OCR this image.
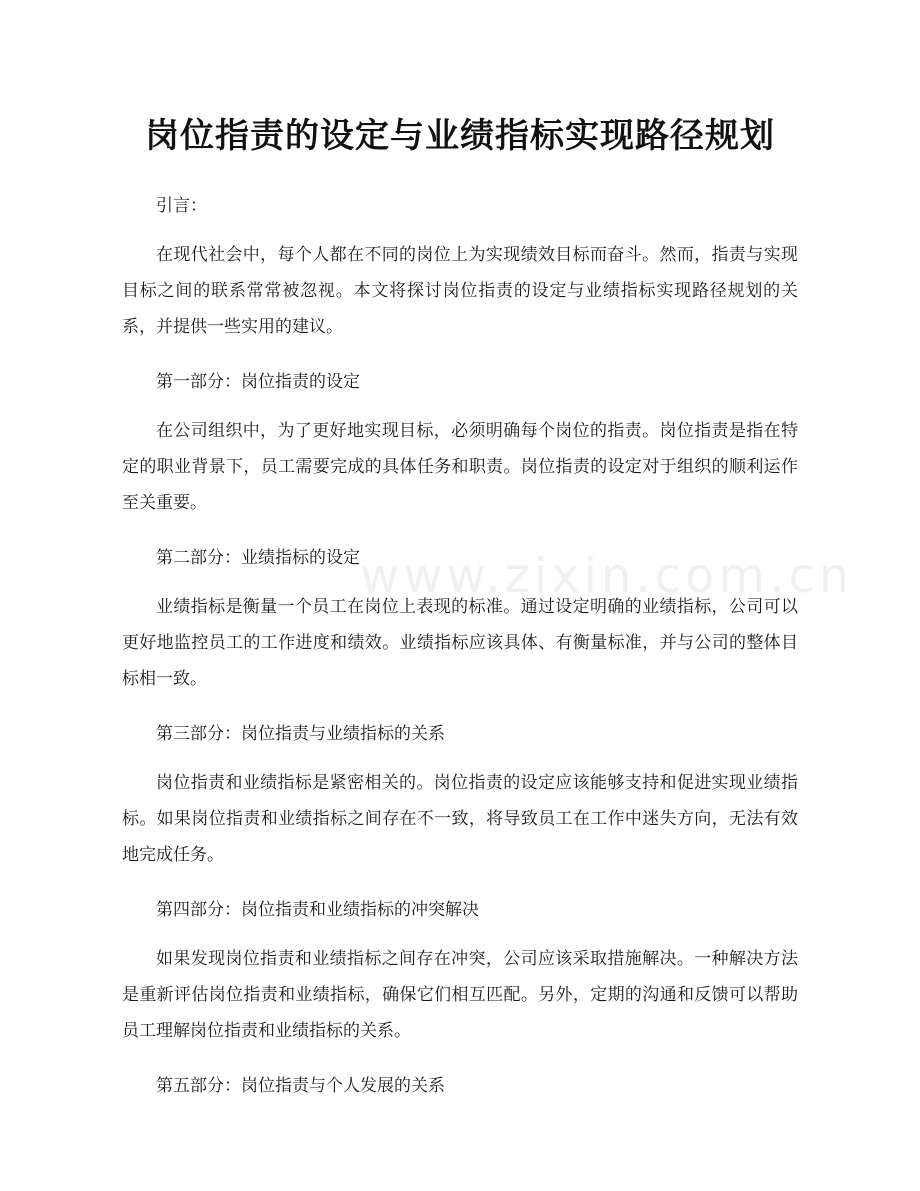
岗位指责的设定与业绩指标实现路径规划

引言：

在现代社会中，每个人都在不同的岗位上为实现绩效目标而奋斗。然而，指责与实现目标之间的联系常常被忽视。本文将探讨岗位指责的设定与业绩指标实现路径规划的关系，并提供一些实用的建议。

第一部分：岗位指责的设定

在公司组织中，为了更好地实现目标，必须明确每个岗位的指责。岗位指责是指在特定的职业背景下，员工需要完成的具体任务和职责。岗位指责的设定对于组织的顺利运作至关重要。

第二部分：业绩指标的设定

业绩指标是衡量一个员工在岗位上表现的标准。通过设定明确的业绩指标，公司可以更好地监控员工的工作进度和绩效。业绩指标应该具体、有衡量标准，并与公司的整体目标相一致。

第三部分：岗位指责与业绩指标的关系

岗位指责和业绩指标是紧密相关的。岗位指责的设定应该能够支持和促进实现业绩指标。如果岗位指责和业绩指标之间存在不一致，将导致员工在工作中迷失方向，无法有效地完成任务。

第四部分：岗位指责和业绩指标的冲突解决

如果发现岗位指责和业绩指标之间存在冲突，公司应该采取措施解决。一种解决方法是重新评估岗位指责和业绩指标，确保它们相互匹配。另外，定期的沟通和反馈可以帮助员工理解岗位指责和业绩指标的关系。

第五部分：岗位指责与个人发展的关系

www.zixin.com.cn
